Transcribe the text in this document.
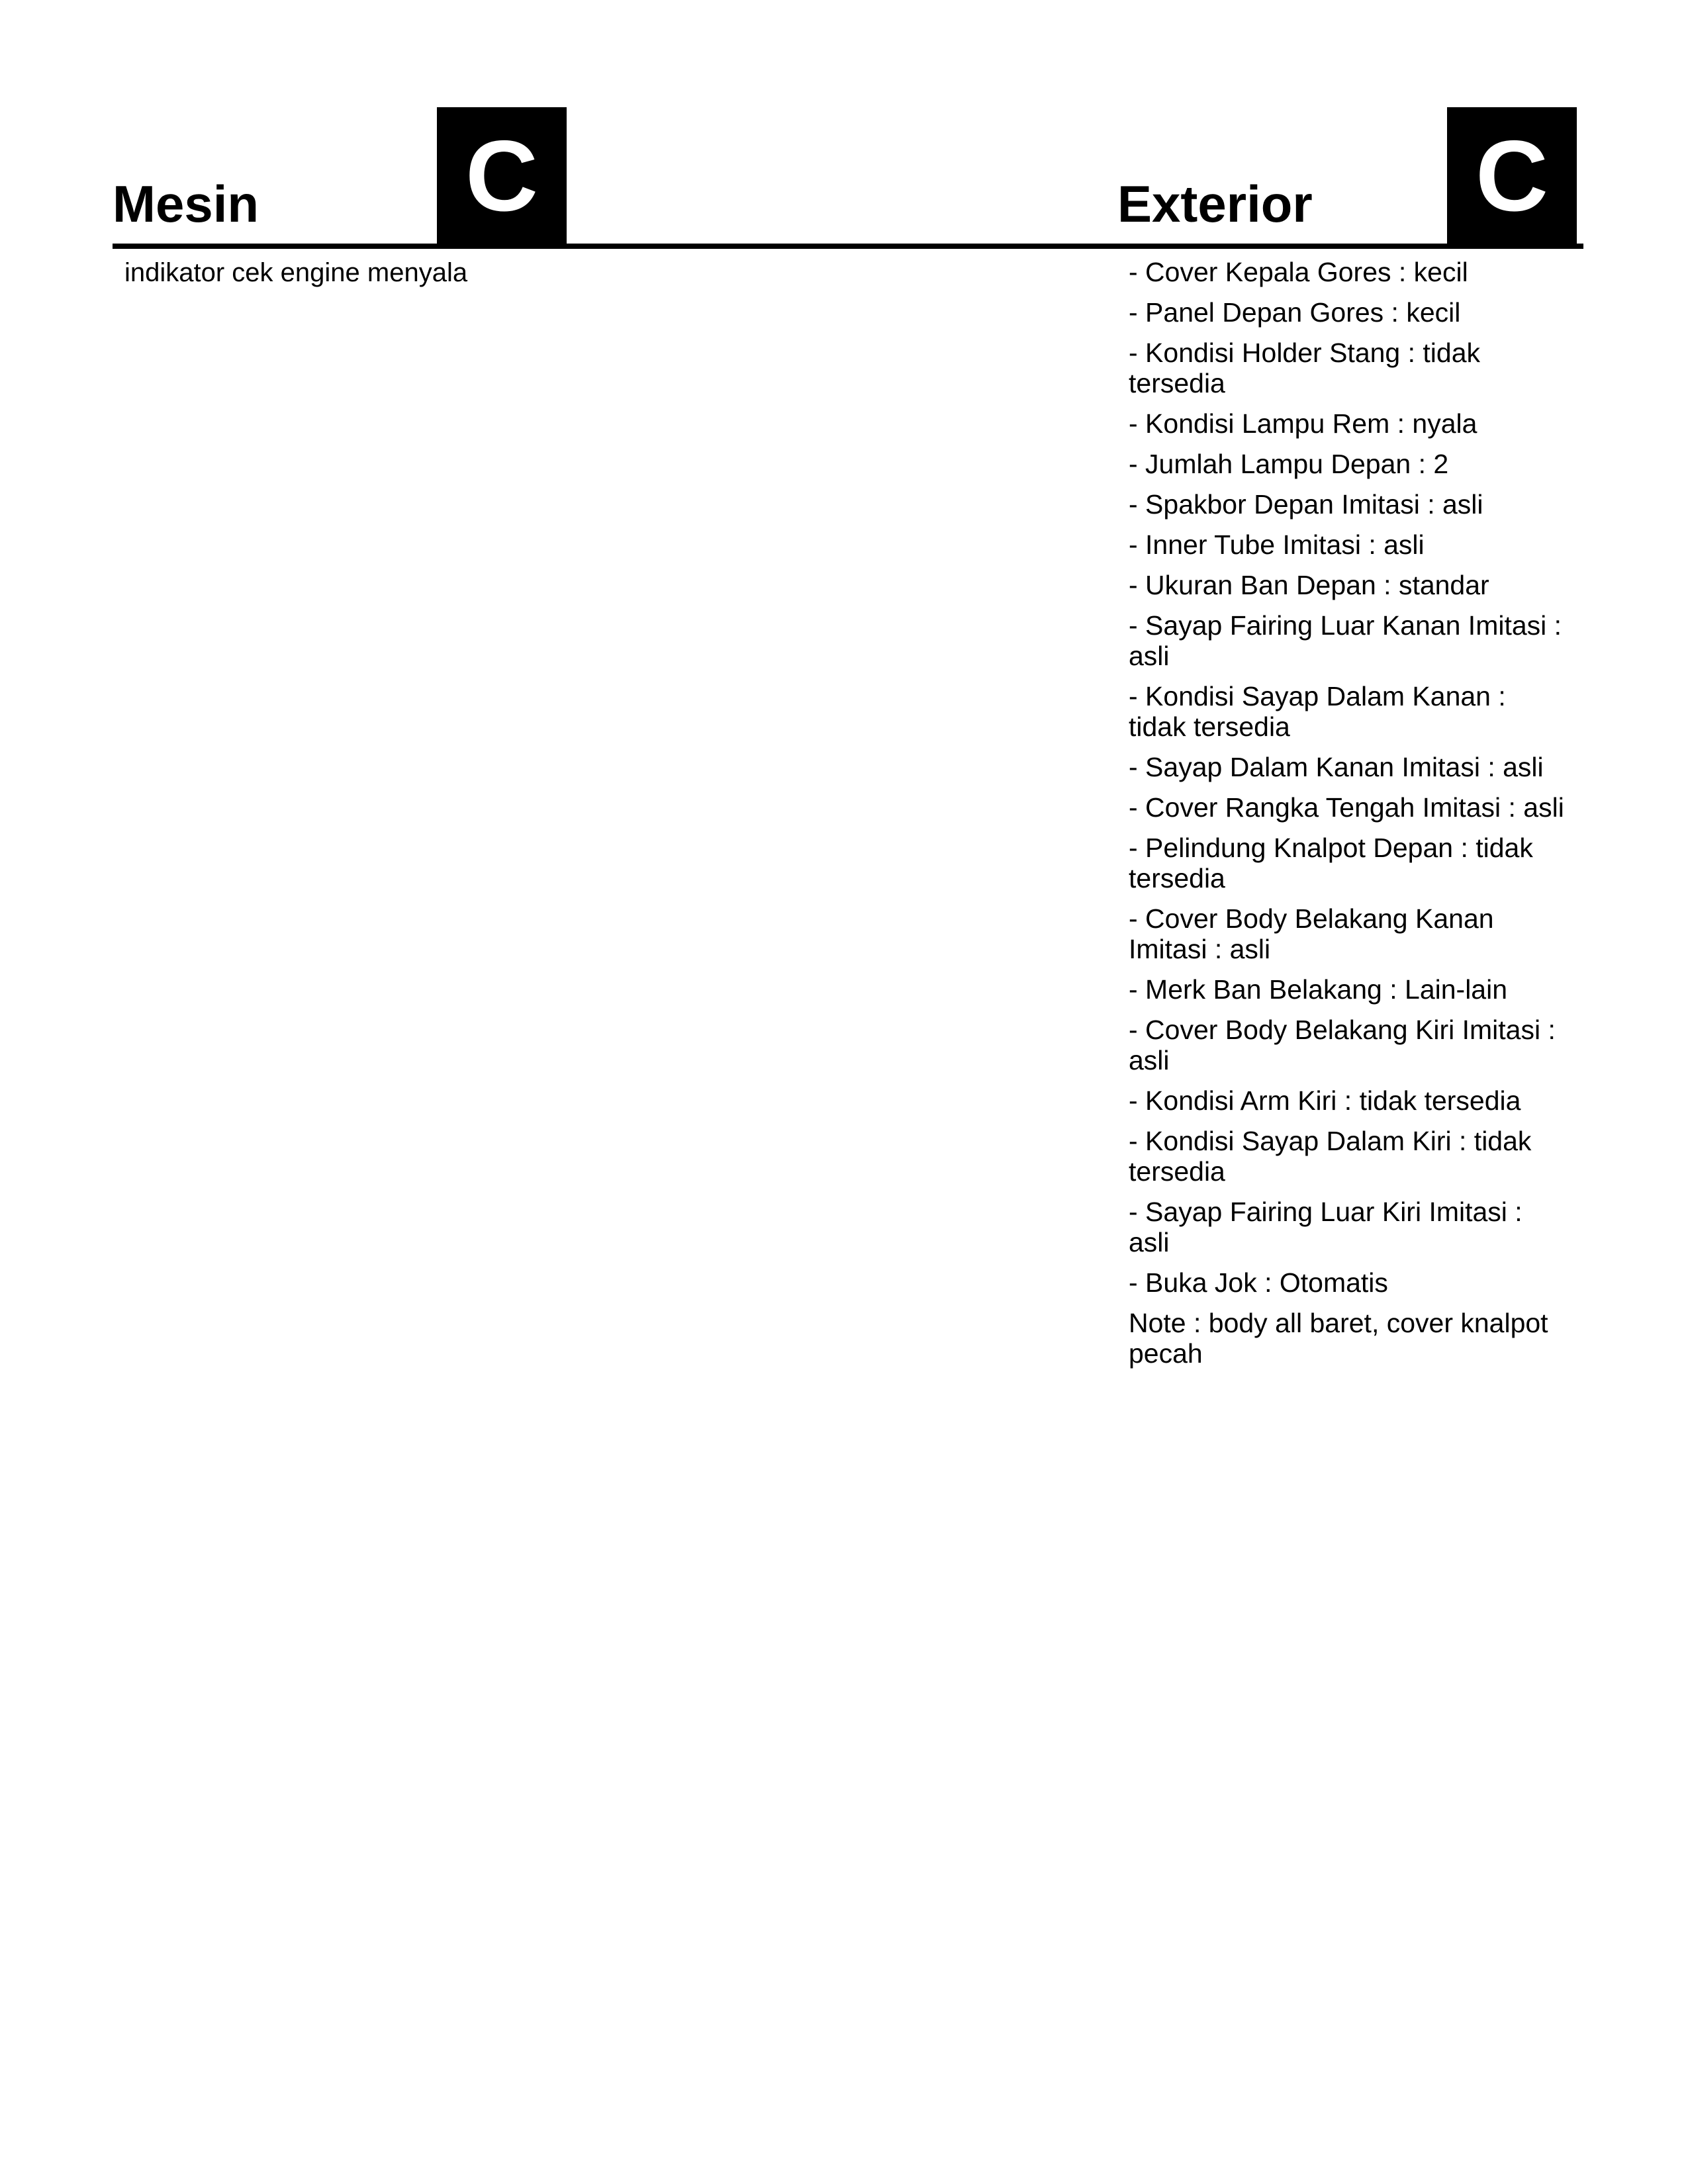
Mesin C	Exterior C
indikator cek engine menyala	- Cover Kepala Gores : kecil
- Panel Depan Gores : kecil
- Kondisi Holder Stang : tidak tersedia
- Kondisi Lampu Rem : nyala
- Jumlah Lampu Depan : 2
- Spakbor Depan Imitasi : asli
- Inner Tube Imitasi : asli
- Ukuran Ban Depan : standar
- Sayap Fairing Luar Kanan Imitasi : asli
- Kondisi Sayap Dalam Kanan : tidak tersedia
- Sayap Dalam Kanan Imitasi : asli
- Cover Rangka Tengah Imitasi : asli
- Pelindung Knalpot Depan : tidak tersedia
- Cover Body Belakang Kanan Imitasi : asli
- Merk Ban Belakang : Lain-lain
- Cover Body Belakang Kiri Imitasi : asli
- Kondisi Arm Kiri : tidak tersedia
- Kondisi Sayap Dalam Kiri : tidak tersedia
- Sayap Fairing Luar Kiri Imitasi : asli
- Buka Jok : Otomatis
Note : body all baret, cover knalpot pecah
